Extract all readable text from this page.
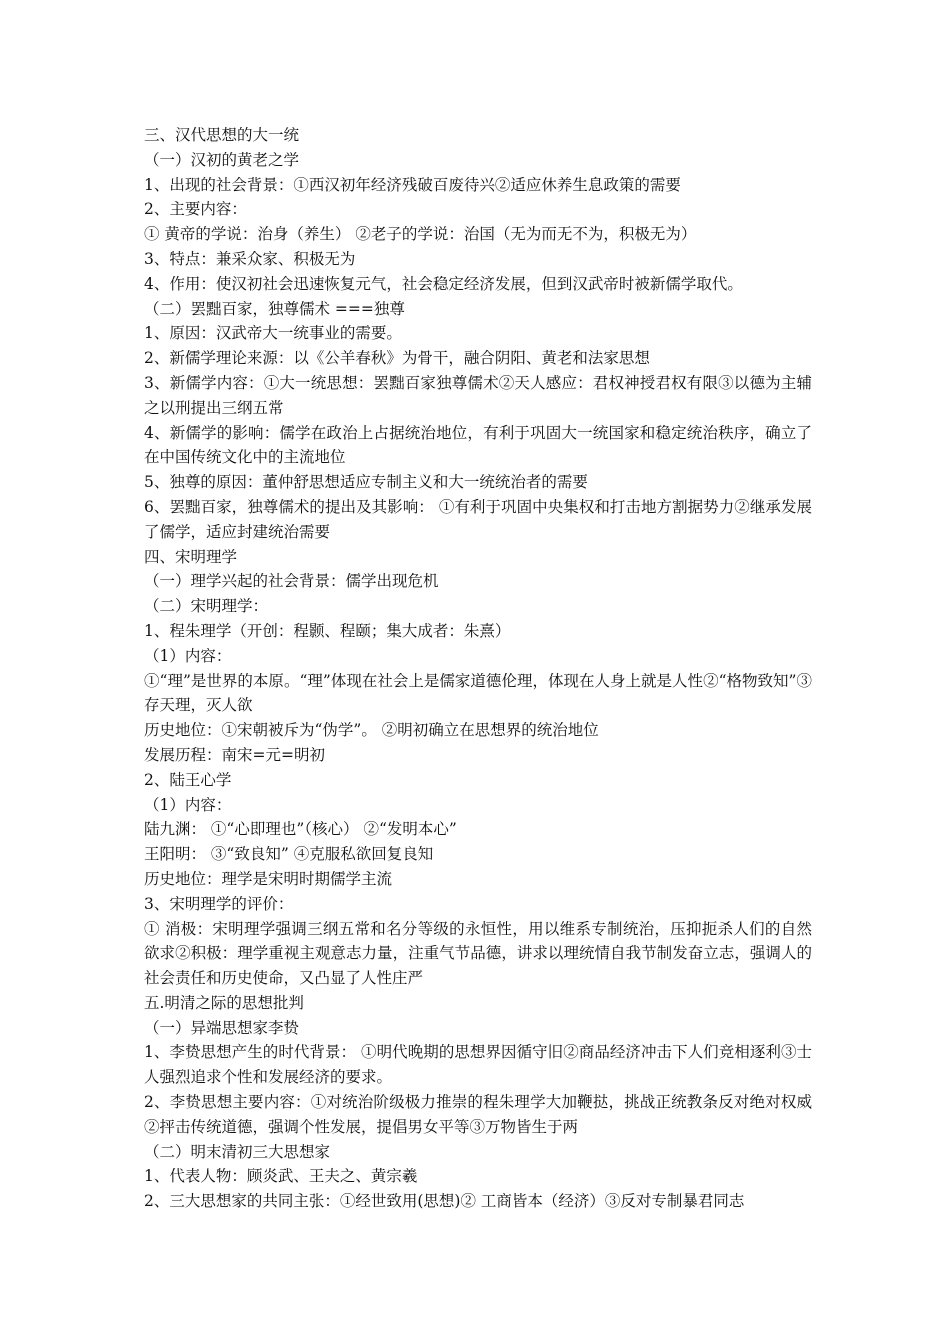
三、汉代思想的大一统

（一）汉初的黄老之学

1、出现的社会背景：①西汉初年经济残破百废待兴②适应休养生息政策的需要

2、主要内容：

① 黄帝的学说：治身（养生） ②老子的学说：治国（无为而无不为，积极无为）

3、特点：兼采众家、积极无为

4、作用：使汉初社会迅速恢复元气，社会稳定经济发展，但到汉武帝时被新儒学取代。

（二）罢黜百家，独尊儒术 ===独尊

1、原因：汉武帝大一统事业的需要。

2、新儒学理论来源：以《公羊春秋》为骨干，融合阴阳、黄老和法家思想

3、新儒学内容：①大一统思想：罢黜百家独尊儒术②天人感应：君权神授君权有限③以德为主辅之以刑提出三纲五常

4、新儒学的影响：儒学在政治上占据统治地位，有利于巩固大一统国家和稳定统治秩序，确立了在中国传统文化中的主流地位

5、独尊的原因：董仲舒思想适应专制主义和大一统统治者的需要

6、罢黜百家，独尊儒术的提出及其影响： ①有利于巩固中央集权和打击地方割据势力②继承发展了儒学，适应封建统治需要

四、宋明理学

（一）理学兴起的社会背景：儒学出现危机

（二）宋明理学：

1、程朱理学（开创：程颢、程颐；集大成者：朱熹）

（1）内容：

①“理”是世界的本原。“理”体现在社会上是儒家道德伦理，体现在人身上就是人性②“格物致知”③存天理，灭人欲

历史地位：①宋朝被斥为“伪学”。 ②明初确立在思想界的统治地位

发展历程：南宋=元=明初

2、陆王心学

（1）内容：

陆九渊： ①“心即理也”（核心） ②“发明本心”

王阳明： ③“致良知” ④克服私欲回复良知

历史地位：理学是宋明时期儒学主流

3、宋明理学的评价：

① 消极：宋明理学强调三纲五常和名分等级的永恒性，用以维系专制统治，压抑扼杀人们的自然欲求②积极：理学重视主观意志力量，注重气节品德，讲求以理统情自我节制发奋立志，强调人的社会责任和历史使命，又凸显了人性庄严

五.明清之际的思想批判

（一）异端思想家李贽

1、李贽思想产生的时代背景： ①明代晚期的思想界因循守旧②商品经济冲击下人们竞相逐利③士人强烈追求个性和发展经济的要求。

2、李贽思想主要内容：①对统治阶级极力推崇的程朱理学大加鞭挞，挑战正统教条反对绝对权威②抨击传统道德，强调个性发展，提倡男女平等③万物皆生于两

（二）明末清初三大思想家

1、代表人物：顾炎武、王夫之、黄宗羲

2、三大思想家的共同主张：①经世致用(思想)② 工商皆本（经济）③反对专制暴君同志
